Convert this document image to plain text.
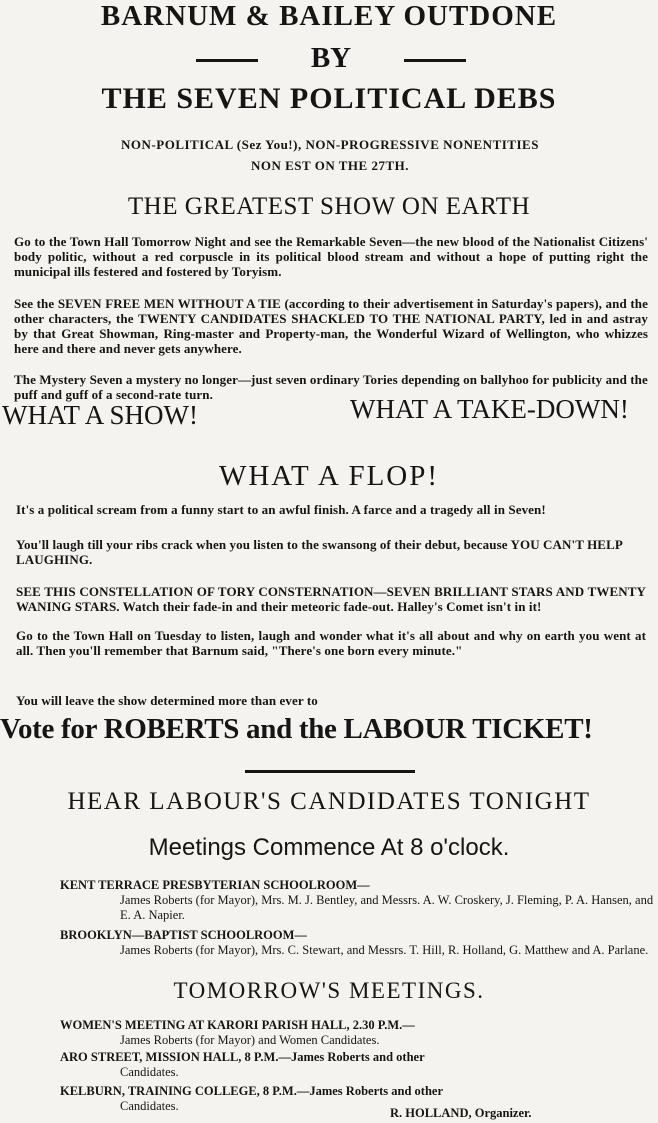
BARNUM & BAILEY OUTDONE
BY
THE SEVEN POLITICAL DEBS
NON-POLITICAL (Sez You!), NON-PROGRESSIVE NONENTITIES
NON EST ON THE 27TH.
THE GREATEST SHOW ON EARTH
Go to the Town Hall Tomorrow Night and see the Remarkable Seven—the new blood of the Nationalist Citizens' body politic, without a red corpuscle in its political blood stream and without a hope of putting right the municipal ills festered and fostered by Toryism.
See the SEVEN FREE MEN WITHOUT A TIE (according to their advertisement in Saturday's papers), and the other characters, the TWENTY CANDIDATES SHACKLED TO THE NATIONAL PARTY, led in and astray by that Great Showman, Ring-master and Property-man, the Wonderful Wizard of Wellington, who whizzes here and there and never gets anywhere.
The Mystery Seven a mystery no longer—just seven ordinary Tories depending on ballyhoo for publicity and the puff and guff of a second-rate turn.
WHAT A SHOW!	WHAT A TAKE-DOWN!
WHAT A FLOP!
It's a political scream from a funny start to an awful finish. A farce and a tragedy all in Seven!
You'll laugh till your ribs crack when you listen to the swansong of their debut, because YOU CAN'T HELP LAUGHING.
SEE THIS CONSTELLATION OF TORY CONSTERNATION—SEVEN BRILLIANT STARS AND TWENTY WANING STARS. Watch their fade-in and their meteoric fade-out. Halley's Comet isn't in it!
Go to the Town Hall on Tuesday to listen, laugh and wonder what it's all about and why on earth you went at all. Then you'll remember that Barnum said, "There's one born every minute."
You will leave the show determined more than ever to
Vote for ROBERTS and the LABOUR TICKET!
HEAR LABOUR'S CANDIDATES TONIGHT
Meetings Commence At 8 o'clock.
KENT TERRACE PRESBYTERIAN SCHOOLROOM—
James Roberts (for Mayor), Mrs. M. J. Bentley, and Messrs. A. W. Croskery, J. Fleming, P. A. Hansen, and E. A. Napier.
BROOKLYN—BAPTIST SCHOOLROOM—
James Roberts (for Mayor), Mrs. C. Stewart, and Messrs. T. Hill, R. Holland, G. Matthew and A. Parlane.
TOMORROW'S MEETINGS.
WOMEN'S MEETING AT KARORI PARISH HALL, 2.30 P.M.—
James Roberts (for Mayor) and Women Candidates.
ARO STREET, MISSION HALL, 8 P.M.—James Roberts and other
Candidates.
KELBURN, TRAINING COLLEGE, 8 P.M.—James Roberts and other
Candidates.	R. HOLLAND, Organizer.
